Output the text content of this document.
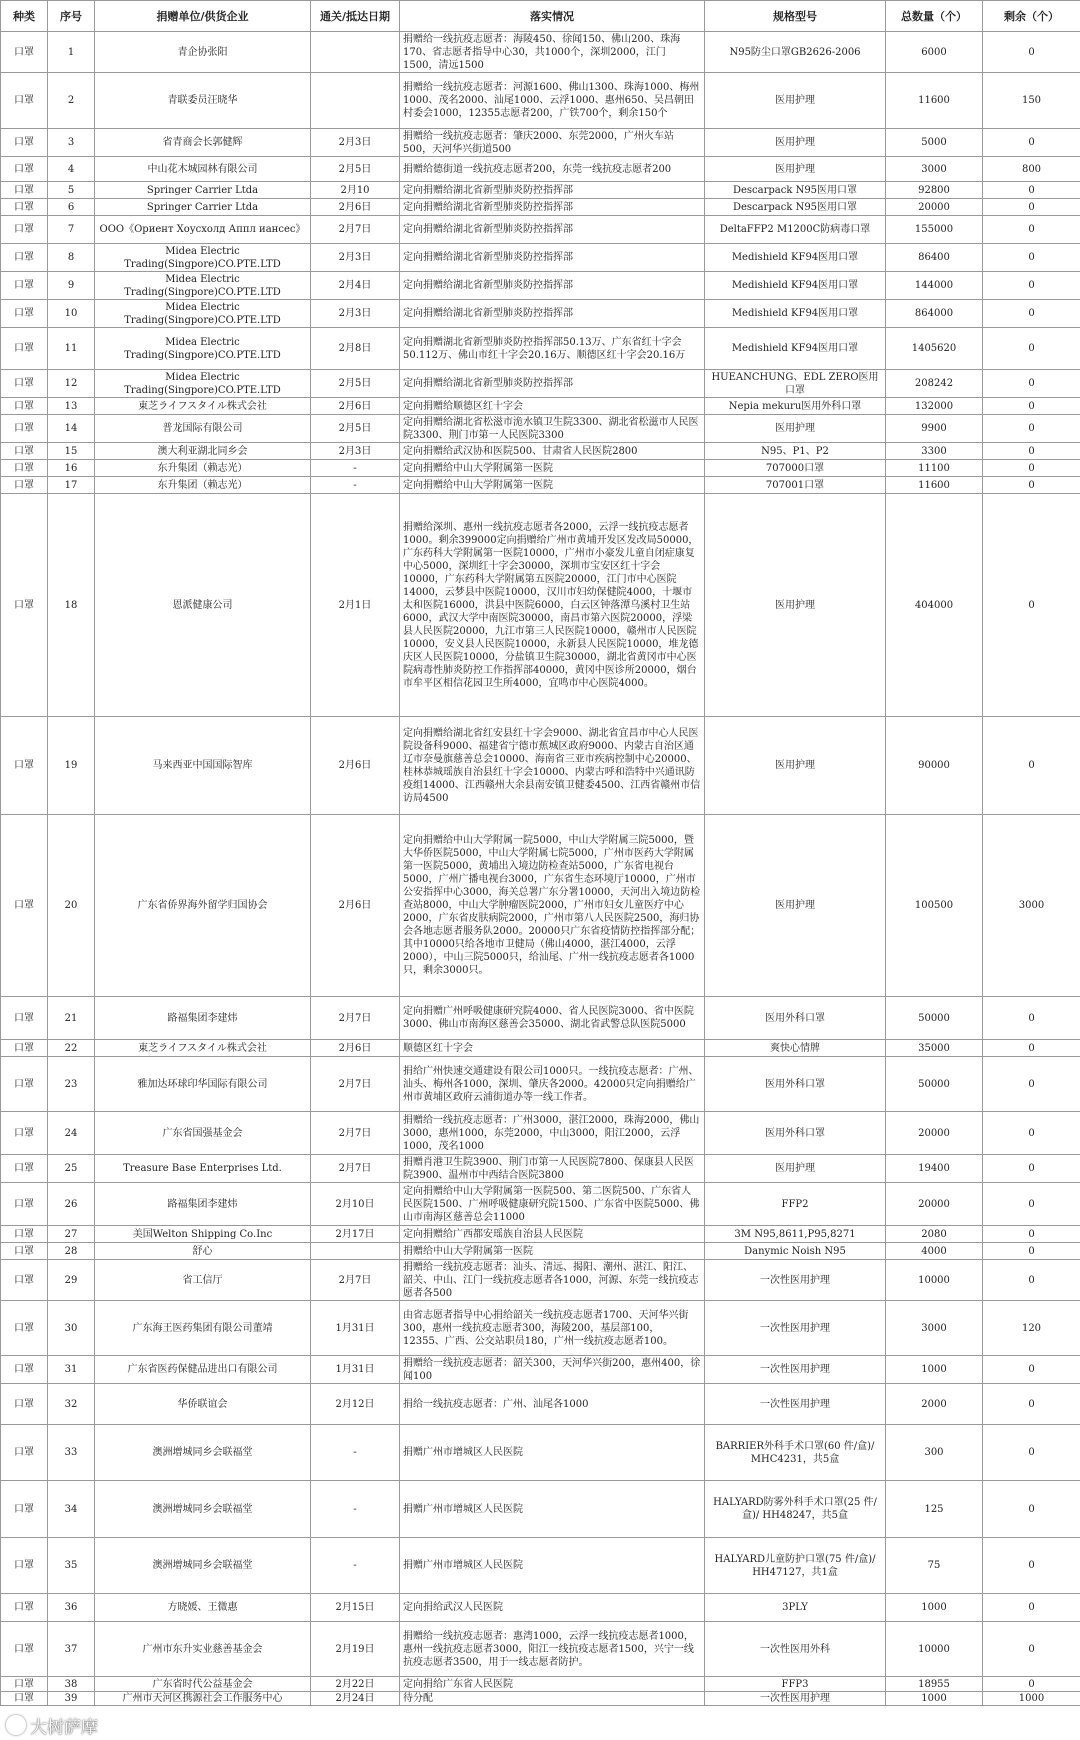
种类	序号	捐赠单位/供货企业	通关/抵达日期	落实情况	规格型号	总数量（个）	剩余（个）
口罩	1	青企协张阳		捐赠给一线抗疫志愿者：海陵450、徐闻150、佛山200、珠海170、省志愿者指导中心30，共1000个，深圳2000，江门1500，清远1500	N95防尘口罩GB2626-2006	6000	0
口罩	2	青联委员汪晓华		捐赠给一线抗疫志愿者：河源1600、佛山1300、珠海1000、梅州1000、茂名2000、汕尾1000、云浮1000、惠州650、吴昌朝田村委会1000，12355志愿者200，广铁700个，剩余150个	医用护理	11600	150
口罩	3	省青商会长郭健辉	2月3日	捐赠给一线抗疫志愿者：肇庆2000、东莞2000，广州火车站500，天河华兴街道500	医用护理	5000	0
口罩	4	中山花木城园林有限公司	2月5日	捐赠给德街道一线抗疫志愿者200，东莞一线抗疫志愿者200	医用护理	3000	800
口罩	5	Springer Carrier Ltda	2月10	定向捐赠给湖北省新型肺炎防控指挥部	Descarpack N95医用口罩	92800	0
口罩	6	Springer Carrier Ltda	2月6日	定向捐赠给湖北省新型肺炎防控指挥部	Descarpack N95医用口罩	20000	0
口罩	7	ООО《Ориент Хоусхолд Аппл иансес》	2月7日	定向捐赠给湖北省新型肺炎防控指挥部	DeltaFFP2 M1200C防病毒口罩	155000	0
口罩	8	Midea Electric Trading(Singpore)CO.PTE.LTD	2月3日	定向捐赠给湖北省新型肺炎防控指挥部	Medishield KF94医用口罩	86400	0
口罩	9	Midea Electric Trading(Singpore)CO.PTE.LTD	2月4日	定向捐赠给湖北省新型肺炎防控指挥部	Medishield KF94医用口罩	144000	0
口罩	10	Midea Electric Trading(Singpore)CO.PTE.LTD	2月3日	定向捐赠给湖北省新型肺炎防控指挥部	Medishield KF94医用口罩	864000	0
口罩	11	Midea Electric Trading(Singpore)CO.PTE.LTD	2月8日	定向捐赠湖北省新型肺炎防控指挥部50.13万、广东省红十字会50.112万、佛山市红十字会20.16万、顺德区红十字会20.16万	Medishield KF94医用口罩	1405620	0
口罩	12	Midea Electric Trading(Singpore)CO.PTE.LTD	2月5日	定向捐赠给湖北省新型肺炎防控指挥部	HUEANCHUNG、EDL ZERO医用口罩	208242	0
口罩	13	東芝ライフスタイル株式会社	2月6日	定向捐赠给顺德区红十字会	Nepia mekuru医用外科口罩	132000	0
口罩	14	普龙国际有限公司	2月5日	定向捐赠给湖北省松滋市洈水镇卫生院3300、湖北省松滋市人民医院3300、荆门市第一人民医院3300	医用护理	9900	0
口罩	15	澳大利亚湖北同乡会	2月3日	定向捐赠给武汉协和医院500、甘肃省人民医院2800	N95、P1、P2	3300	0
口罩	16	东升集团（赖志光）	-	定向捐赠给中山大学附属第一医院	707000口罩	11100	0
口罩	17	东升集团（赖志光）	-	定向捐赠给中山大学附属第一医院	707001口罩	11600	0
口罩	18	恩派健康公司	2月1日	捐赠给深圳、惠州一线抗疫志愿者各2000，云浮一线抗疫志愿者1000。剩余399000定向捐赠给广州市黄埔开发区发改局50000，广东药科大学附属第一医院10000，广州市小豪发儿童自闭症康复中心5000，深圳红十字会30000，深圳市宝安区红十字会10000，广东药科大学附属第五医院20000，江门市中心医院14000，云梦县中医院10000，汉川市妇幼保健院4000，十堰市太和医院16000，洪县中医院6000，白云区钟落潭乌溪村卫生站6000，武汉大学中南医院30000，南昌市第六医院20000，浮梁县人民医院20000，九江市第三人民医院10000，赣州市人民医院10000，安义县人民医院10000，永新县人民医院10000，堆龙德庆区人民医院10000，分盐镇卫生院30000，湖北省黄冈市中心医院病毒性肺炎防控工作指挥部40000，黄冈中医诊所20000，烟台市牟平区相信花园卫生所4000，宜鸣市中心医院4000。	医用护理	404000	0
口罩	19	马来西亚中国国际智库	2月6日	定向捐赠给湖北省红安县红十字会9000、湖北省宜昌市中心人民医院设备科9000、福建省宁德市蕉城区政府9000、内蒙古自治区通辽市奈曼旗慈善总会10000、海南省三亚市疾病控制中心20000、桂林恭城瑶族自治县红十字会10000、内蒙古呼和浩特中兴通讯防疫组14000、江西赣州大余县南安镇卫健委4500、江西省赣州市信访局4500	医用护理	90000	0
口罩	20	广东省侨界海外留学归国协会	2月6日	定向捐赠给中山大学附属一院5000，中山大学附属三院5000，暨大华侨医院5000，中山大学附属七院5000，广州市医药大学附属第一医院5000，黄埔出入境边防检查站5000，广东省电视台5000，广州广播电视台3000，广东省生态环境厅10000，广州市公安指挥中心3000，海关总署广东分署10000，天河出入境边防检查站8000，中山大学肿瘤医院2000，广州市妇女儿童医疗中心2000，广东省皮肤病院2000，广州市第八人民医院2500，海归协会各地志愿者服务队2000。20000只广东省疫情防控指挥部分配；其中10000只给各地市卫健局（佛山4000，湛江4000，云浮2000），中山三院5000只，给汕尾、广州一线抗疫志愿者各1000只，剩余3000只。	医用护理	100500	3000
口罩	21	路福集团李建炜	2月7日	定向捐赠广州呼吸健康研究院4000、省人民医院3000、省中医院3000、佛山市南海区慈善会35000、湖北省武警总队医院5000	医用外科口罩	50000	0
口罩	22	東芝ライフスタイル株式会社	2月6日	顺德区红十字会	爽快心情牌	35000	0
口罩	23	雅加达环球印华国际有限公司	2月7日	捐给广州快速交通建设有限公司1000只。一线抗疫志愿者：广州、汕头、梅州各1000，深圳、肇庆各2000。42000只定向捐赠给广州市黄埔区政府云浦街道办等一线工作者。	医用外科口罩	50000	0
口罩	24	广东省国强基金会	2月7日	捐赠给一线抗疫志愿者：广州3000，湛江2000，珠海2000，佛山3000，惠州1000，东莞2000，中山3000，阳江2000，云浮1000，茂名1000	医用外科口罩	20000	0
口罩	25	Treasure Base Enterprises Ltd.	2月7日	捐赠肖港卫生院3900、荆门市第一人民医院7800、保康县人民医院3900、温州市中西结合医院3800	医用护理	19400	0
口罩	26	路福集团李建炜	2月10日	定向捐赠给中山大学附属第一医院500、第二医院500、广东省人民医院1500、广州呼吸健康研究院1500、广东省中医院5000、佛山市南海区慈善总会11000	FFP2	20000	0
口罩	27	美国Welton Shipping Co.Inc	2月17日	定向捐赠给广西都安瑶族自治县人民医院	3M N95,8611,P95,8271	2080	0
口罩	28	舒心		捐赠给中山大学附属第一医院	Danymic Noish N95	4000	0
口罩	29	省工信厅	2月7日	捐赠给一线抗疫志愿者：汕头、清远、揭阳、潮州、湛江、阳江、韶关、中山、江门一线抗疫志愿者各1000，河源、东莞一线抗疫志愿者各500	一次性医用护理	10000	0
口罩	30	广东海王医药集团有限公司董靖	1月31日	由省志愿者指导中心捐给韶关一线抗疫志愿者1700、天河华兴街300，惠州一线抗疫志愿者300，海陵200，基层部100，12355、广西、公交站职员180，广州一线抗疫志愿者100。	一次性医用护理	3000	120
口罩	31	广东省医药保健品进出口有限公司	1月31日	捐赠给一线抗疫志愿者：韶关300，天河华兴街200，惠州400，徐闻100	一次性医用护理	1000	0
口罩	32	华侨联谊会	2月12日	捐给一线抗疫志愿者：广州、汕尾各1000	一次性医用护理	2000	0
口罩	33	澳洲增城同乡会联福堂	-	捐赠广州市增城区人民医院	BARRIER外科手术口罩(60 件/盒)/ MHC4231，共5盒	300	0
口罩	34	澳洲增城同乡会联福堂	-	捐赠广州市增城区人民医院	HALYARD防雾外科手术口罩(25 件/盒)/ HH48247，共5盒	125	0
口罩	35	澳洲增城同乡会联福堂	-	捐赠广州市增城区人民医院	HALYARD儿童防护口罩(75 件/盒)/ HH47127，共1盒	75	0
口罩	36	方晓媛、王微惠	2月15日	定向捐给武汉人民医院	3PLY	1000	0
口罩	37	广州市东升实业慈善基金会	2月19日	捐赠给一线抗疫志愿者：惠湾1000，云浮一线抗疫志愿者1000，惠州一线抗疫志愿者3000，阳江一线抗疫志愿者1500，兴宁一线抗疫志愿者3500，用于一线志愿者防护。	一次性医用外科	10000	0
口罩	38	广东省时代公益基金会	2月22日	定向捐给广东省人民医院	FFP3	18955	0
口罩	39	广州市天河区携源社会工作服务中心	2月24日	待分配	一次性医用护理	1000	1000
大树萨摩
